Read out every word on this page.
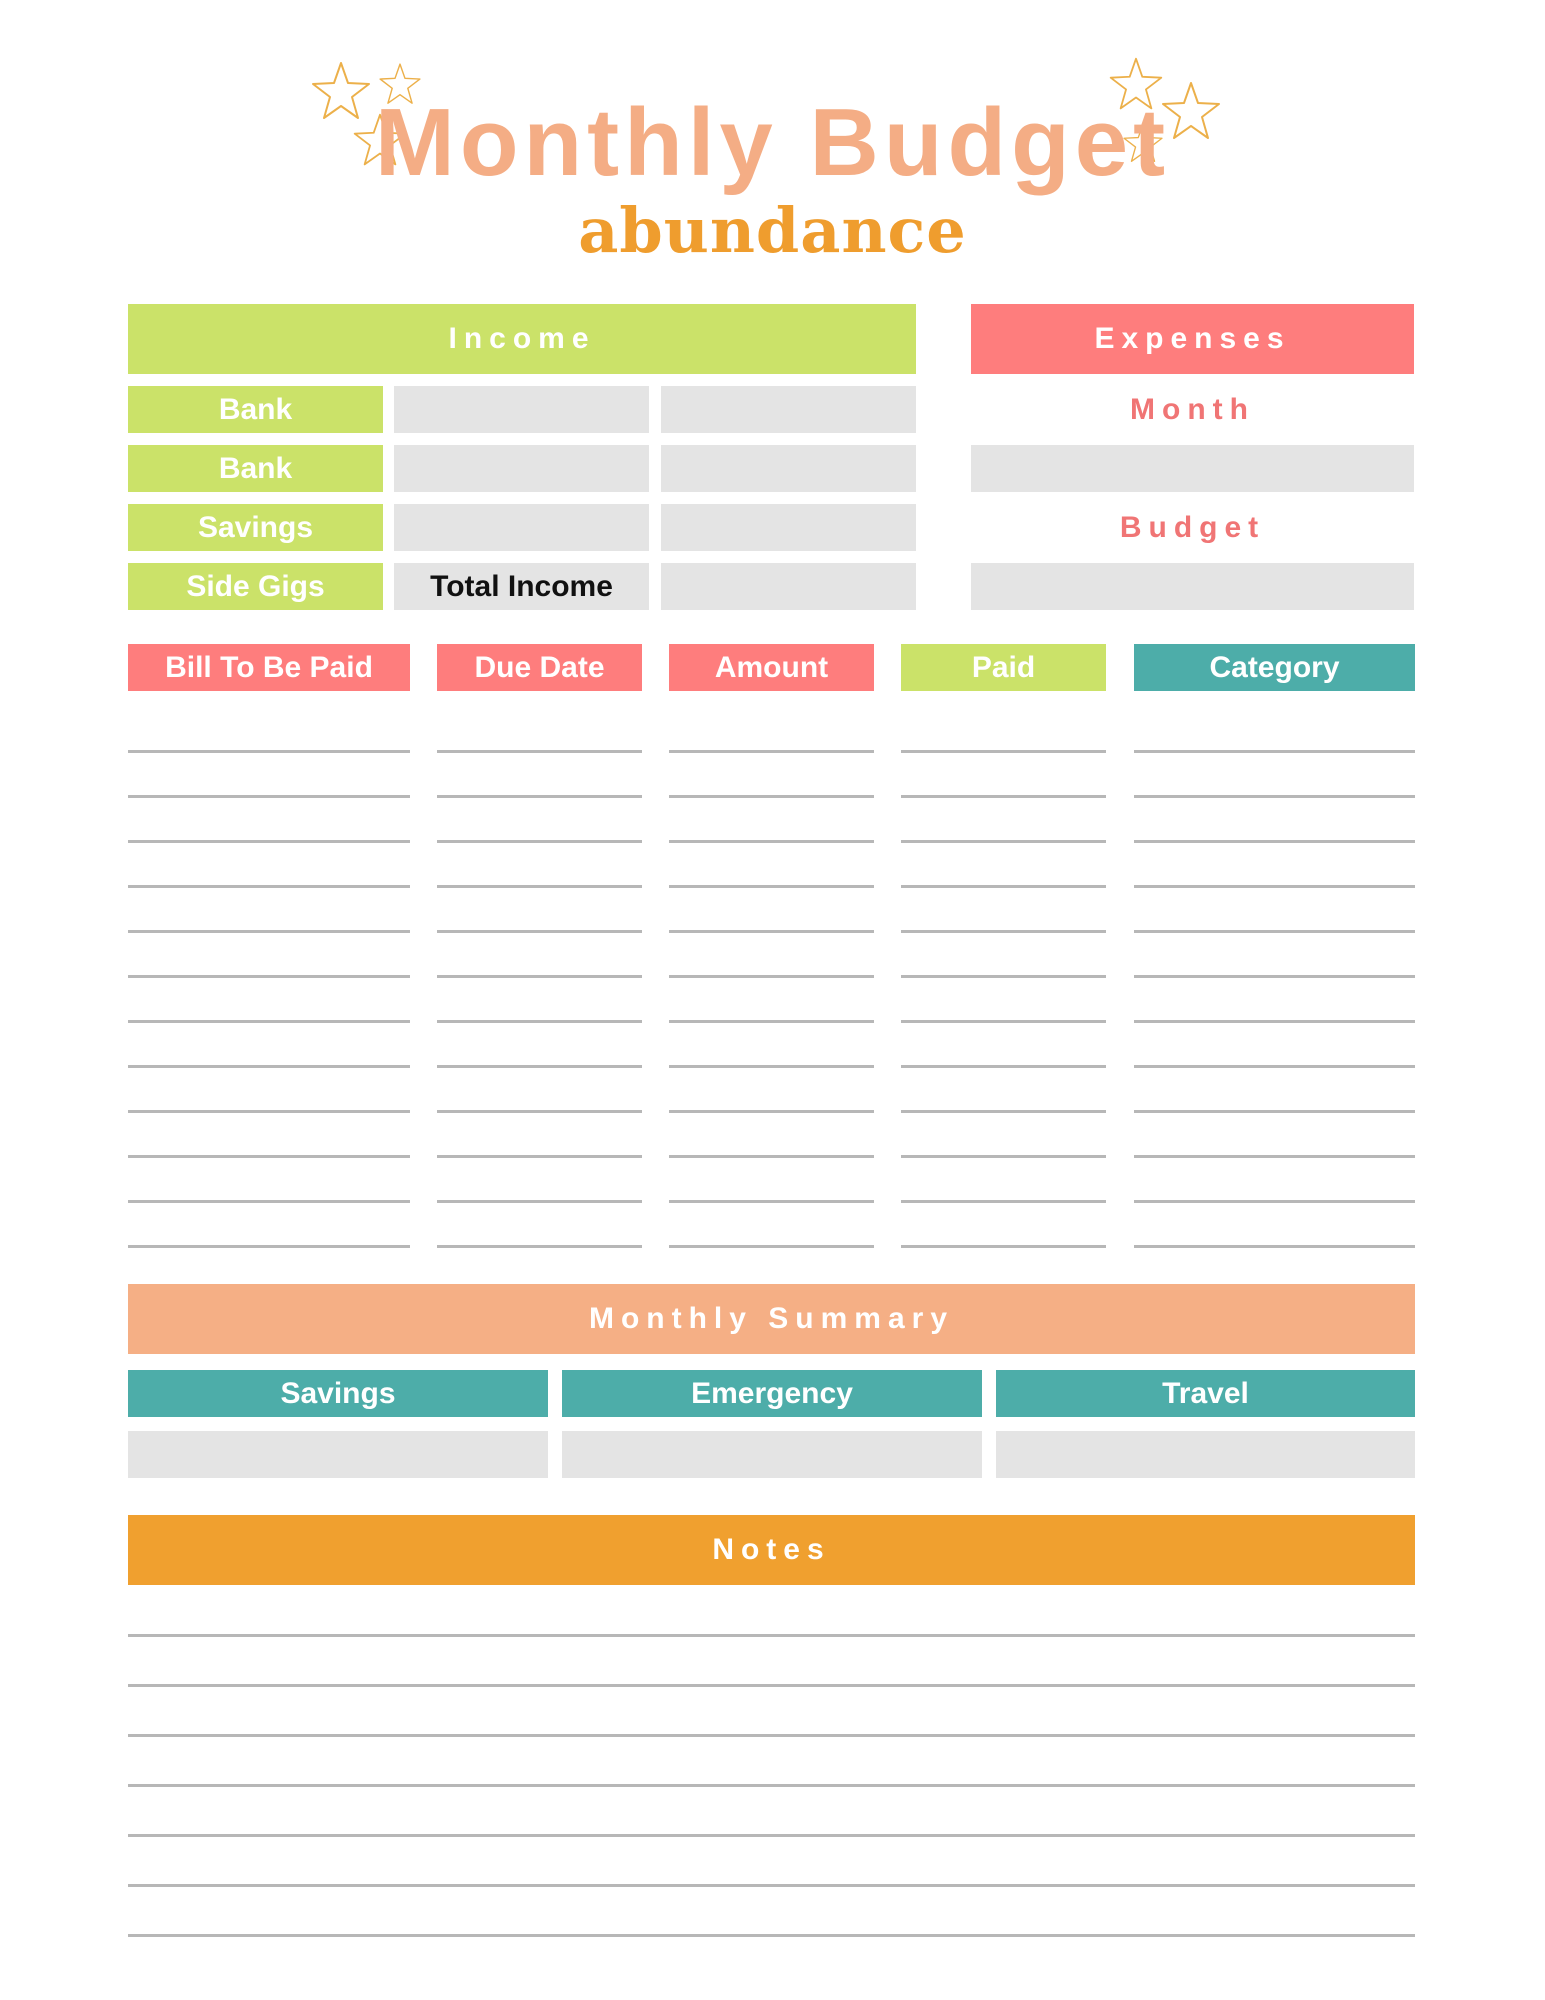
Monthly Budget
abundance
Income
Bank
Bank
Savings
Side Gigs	Total Income
Expenses
Month
Budget
Bill To Be Paid	Due Date	Amount	Paid	Category
Monthly Summary
Savings	Emergency	Travel
Notes
